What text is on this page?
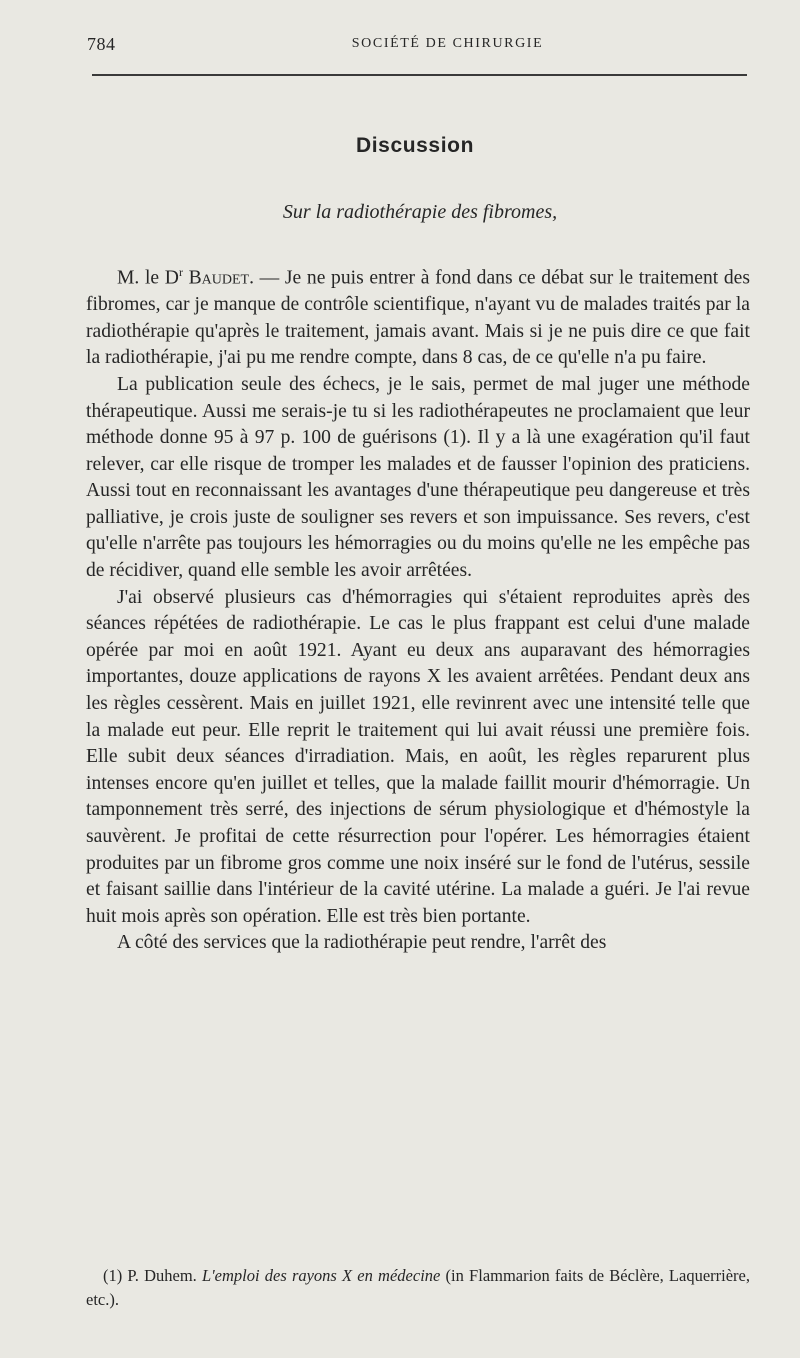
784	SOCIÉTÉ DE CHIRURGIE
Discussion
Sur la radiothérapie des fibromes,

M. le $D^r$ Baudet. — Je ne puis entrer à fond dans ce débat sur le traitement des fibromes, car je manque de contrôle scientifique, n'ayant vu de malades traités par la radiothérapie qu'après le traitement, jamais avant. Mais si je ne puis dire ce que fait la radiothérapie, j'ai pu me rendre compte, dans 8 cas, de ce qu'elle n'a pu faire.

La publication seule des échecs, je le sais, permet de mal juger une méthode thérapeutique. Aussi me serais-je tu si les radiothérapeutes ne proclamaient que leur méthode donne 95 à 97 p. 100 de guérisons (1). Il y a là une exagération qu'il faut relever, car elle risque de tromper les malades et de fausser l'opinion des praticiens. Aussi tout en reconnaissant les avantages d'une thérapeutique peu dangereuse et très palliative, je crois juste de souligner ses revers et son impuissance. Ses revers, c'est qu'elle n'arrête pas toujours les hémorragies ou du moins qu'elle ne les empêche pas de récidiver, quand elle semble les avoir arrêtées.

J'ai observé plusieurs cas d'hémorragies qui s'étaient reproduites après des séances répétées de radiothérapie. Le cas le plus frappant est celui d'une malade opérée par moi en août 1921. Ayant eu deux ans auparavant des hémorragies importantes, douze applications de rayons X les avaient arrêtées. Pendant deux ans les règles cessèrent. Mais en juillet 1921, elle revinrent avec une intensité telle que la malade eut peur. Elle reprit le traitement qui lui avait réussi une première fois. Elle subit deux séances d'irradiation. Mais, en août, les règles reparurent plus intenses encore qu'en juillet et telles, que la malade faillit mourir d'hémorragie. Un tamponnement très serré, des injections de sérum physiologique et d'hémostyle la sauvèrent. Je profitai de cette résurrection pour l'opérer. Les hémorragies étaient produites par un fibrome gros comme une noix inséré sur le fond de l'utérus, sessile et faisant saillie dans l'intérieur de la cavité utérine. La malade a guéri. Je l'ai revue huit mois après son opération. Elle est très bien portante.

A côté des services que la radiothérapie peut rendre, l'arrêt des

(1) P. Duhem. L'emploi des rayons X en médecine (in Flammarion faits de Béclère, Laquerrière, etc.).
